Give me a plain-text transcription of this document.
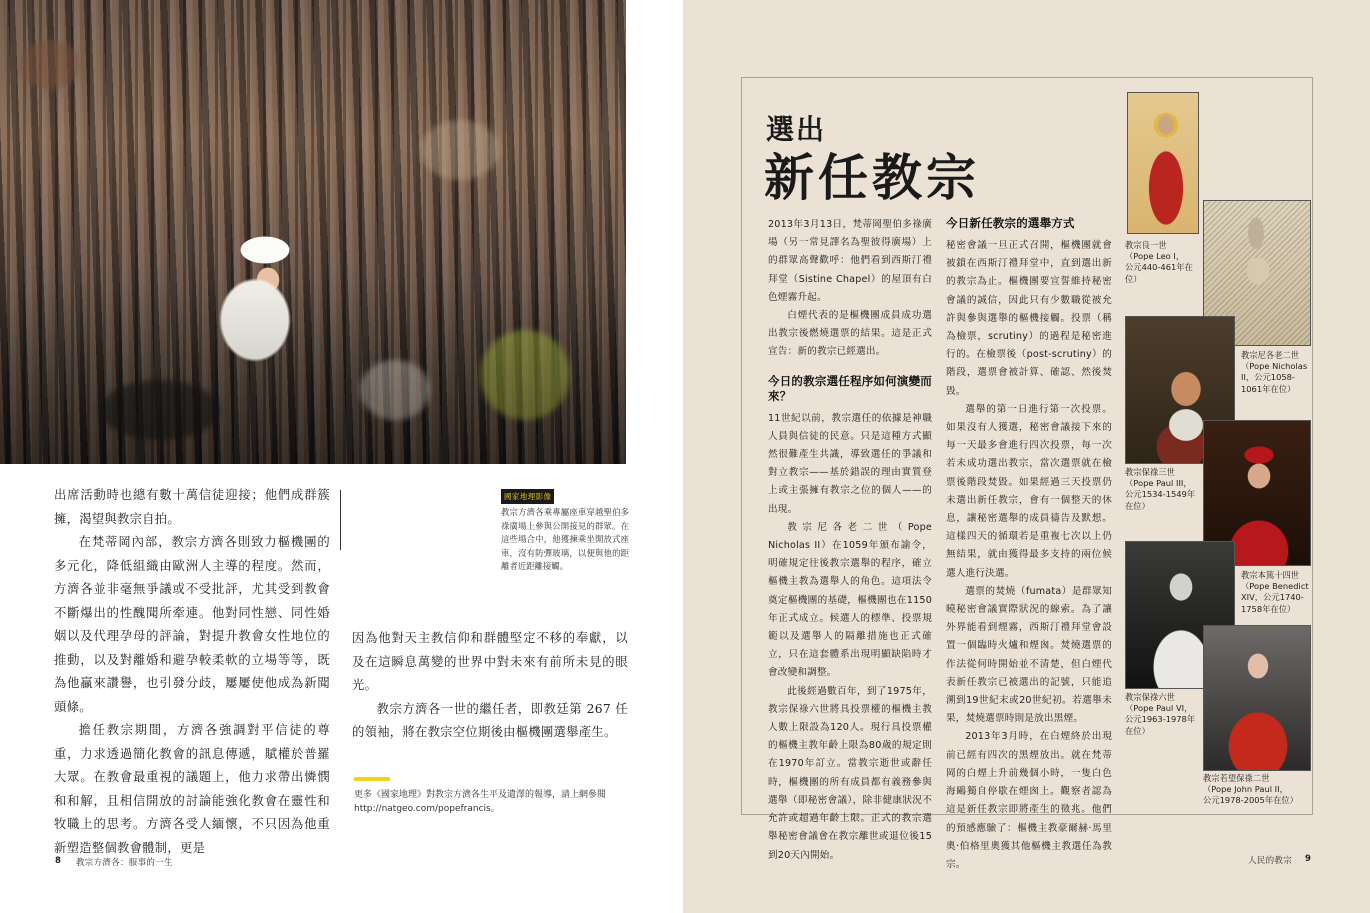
出席活動時也總有數十萬信徒迎接；他們成群簇擁，渴望與教宗自拍。

在梵蒂岡內部，教宗方濟各則致力樞機團的多元化，降低組織由歐洲人主導的程度。然而，方濟各並非毫無爭議或不受批評，尤其受到教會不斷爆出的性醜聞所牽連。他對同性戀、同性婚姻以及代理孕母的評論，對提升教會女性地位的推動，以及對離婚和避孕較柔軟的立場等等，既為他贏來讚譽，也引發分歧，屢屢使他成為新聞頭條。

擔任教宗期間，方濟各強調對平信徒的尊重，力求透過簡化教會的訊息傳遞，賦權於普羅大眾。在教會最重視的議題上，他力求帶出憐憫和和解，且相信開放的討論能強化教會在靈性和牧職上的思考。方濟各受人緬懷，不只因為他重新塑造整個教會體制，更是

因為他對天主教信仰和群體堅定不移的奉獻，以及在這瞬息萬變的世界中對未來有前所未見的眼光。

教宗方濟各一世的繼任者，即教廷第 267 任的領袖，將在教宗空位期後由樞機團選舉產生。

國家地理影像
教宗方濟各乘專屬座車穿越聖伯多祿廣場上參與公開接見的群眾。在這些場合中，他獲揀乘坐開放式座車，沒有防彈玻璃，以便與他的距離者近距離接觸。
更多《國家地理》對教宗方濟各生平及遺澤的報導，請上網參閱 http://natgeo.com/popefrancis。
8 教宗方濟各：服事的一生
選出
新任教宗

2013年3月13日，梵蒂岡聖伯多祿廣場（另一常見譯名為聖彼得廣場）上的群眾高聲歡呼：他們看到西斯汀禮拜堂（Sistine Chapel）的屋頂有白色煙霧升起。

白煙代表的是樞機團成員成功選出教宗後燃燒選票的結果。這是正式宣告：新的教宗已經選出。

今日的教宗選任程序如何演變而來？

11世紀以前，教宗選任的依據是神職人員與信徒的民意。只是這種方式顯然很難產生共識，導致選任的爭議和對立教宗——基於錯誤的理由實質登上或主張擁有教宗之位的個人——的出現。

教宗尼各老二世（Pope Nicholas II）在1059年頒布諭令，明確規定往後教宗選舉的程序，確立樞機主教為選舉人的角色。這項法令奠定樞機團的基礎，樞機團也在1150年正式成立。候選人的標準、投票規範以及選舉人的隔離措施也正式確立，只在這套體系出現明顯缺陷時才會改變和調整。

此後經過數百年，到了1975年，教宗保祿六世將具投票權的樞機主教人數上限設為120人。現行具投票權的樞機主教年齡上限為80歲的規定則在1970年訂立。當教宗逝世或辭任時，樞機團的所有成員都有義務參與選舉（即秘密會議），除非健康狀況不允許或超過年齡上限。正式的教宗選舉秘密會議會在教宗離世或退位後15到20天內開始。

今日新任教宗的選舉方式

秘密會議一旦正式召開，樞機團就會被鎖在西斯汀禮拜堂中，直到選出新的教宗為止。樞機團要宣誓維持秘密會議的誠信，因此只有少數職從被允許與參與選舉的樞機接觸。投票（稱為檢票，scrutiny）的過程是秘密進行的。在檢票後（post-scrutiny）的階段，選票會被計算、確認、然後焚毀。

選舉的第一日進行第一次投票。如果沒有人獲選，秘密會議接下來的每一天最多會進行四次投票，每一次若未成功選出教宗，當次選票就在檢票後階段焚毀。如果經過三天投票仍未選出新任教宗，會有一個整天的休息，讓秘密選舉的成員禱告及默想。這樣四天的循環若是重複七次以上仍無結果，就由獲得最多支持的兩位候選人進行決選。

選票的焚燒（fumata）是群眾知曉秘密會議實際狀況的線索。為了讓外界能看到煙霧，西斯汀禮拜堂會設置一個臨時火爐和煙囪。焚燒選票的作法從何時開始並不清楚，但白煙代表新任教宗已被選出的記號，只能追溯到19世紀末或20世紀初。若選舉未果，焚燒選票時則是放出黑煙。

2013年3月時，在白煙終於出現前已經有四次的黑煙放出。就在梵蒂岡的白煙上升前幾個小時，一隻白色海鷗獨自停歇在煙囪上。觀察者認為這是新任教宗即將產生的徵兆。他們的預感應驗了：樞機主教豪爾赫·馬里奧·伯格里奧獲其他樞機主教選任為教宗。

教宗良一世
（Pope Leo I，
公元440-461年在位）
教宗尼各老二世
（Pope Nicholas II，公元1058-1061年在位）
教宗保祿三世
（Pope Paul III，
公元1534-1549年在位）
教宗本篤十四世
（Pope Benedict XIV，公元1740-1758年在位）
教宗保祿六世
（Pope Paul VI，
公元1963-1978年在位）
教宗若望保祿二世
（Pope John Paul II，
公元1978-2005年在位）
人民的教宗 9
